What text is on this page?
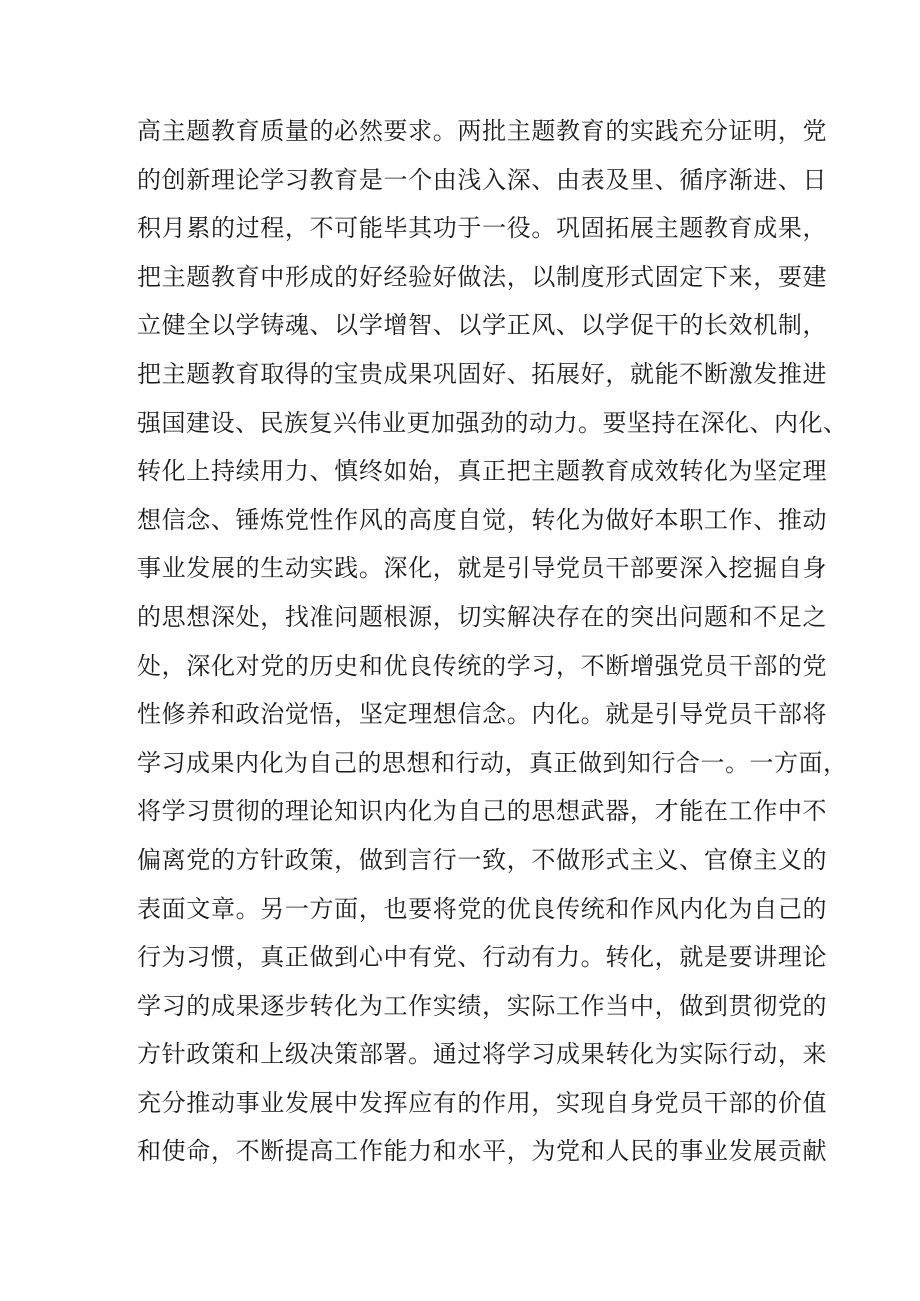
高主题教育质量的必然要求。两批主题教育的实践充分证明，党
的创新理论学习教育是一个由浅入深、由表及里、循序渐进、日
积月累的过程，不可能毕其功于一役。巩固拓展主题教育成果，
把主题教育中形成的好经验好做法，以制度形式固定下来，要建
立健全以学铸魂、以学增智、以学正风、以学促干的长效机制，
把主题教育取得的宝贵成果巩固好、拓展好，就能不断激发推进
强国建设、民族复兴伟业更加强劲的动力。要坚持在深化、内化、
转化上持续用力、慎终如始，真正把主题教育成效转化为坚定理
想信念、锤炼党性作风的高度自觉，转化为做好本职工作、推动
事业发展的生动实践。深化，就是引导党员干部要深入挖掘自身
的思想深处，找准问题根源，切实解决存在的突出问题和不足之
处，深化对党的历史和优良传统的学习，不断增强党员干部的党
性修养和政治觉悟，坚定理想信念。内化。就是引导党员干部将
学习成果内化为自己的思想和行动，真正做到知行合一。一方面，
将学习贯彻的理论知识内化为自己的思想武器，才能在工作中不
偏离党的方针政策，做到言行一致，不做形式主义、官僚主义的
表面文章。另一方面，也要将党的优良传统和作风内化为自己的
行为习惯，真正做到心中有党、行动有力。转化，就是要讲理论
学习的成果逐步转化为工作实绩，实际工作当中，做到贯彻党的
方针政策和上级决策部署。通过将学习成果转化为实际行动，来
充分推动事业发展中发挥应有的作用，实现自身党员干部的价值
和使命，不断提高工作能力和水平，为党和人民的事业发展贡献
